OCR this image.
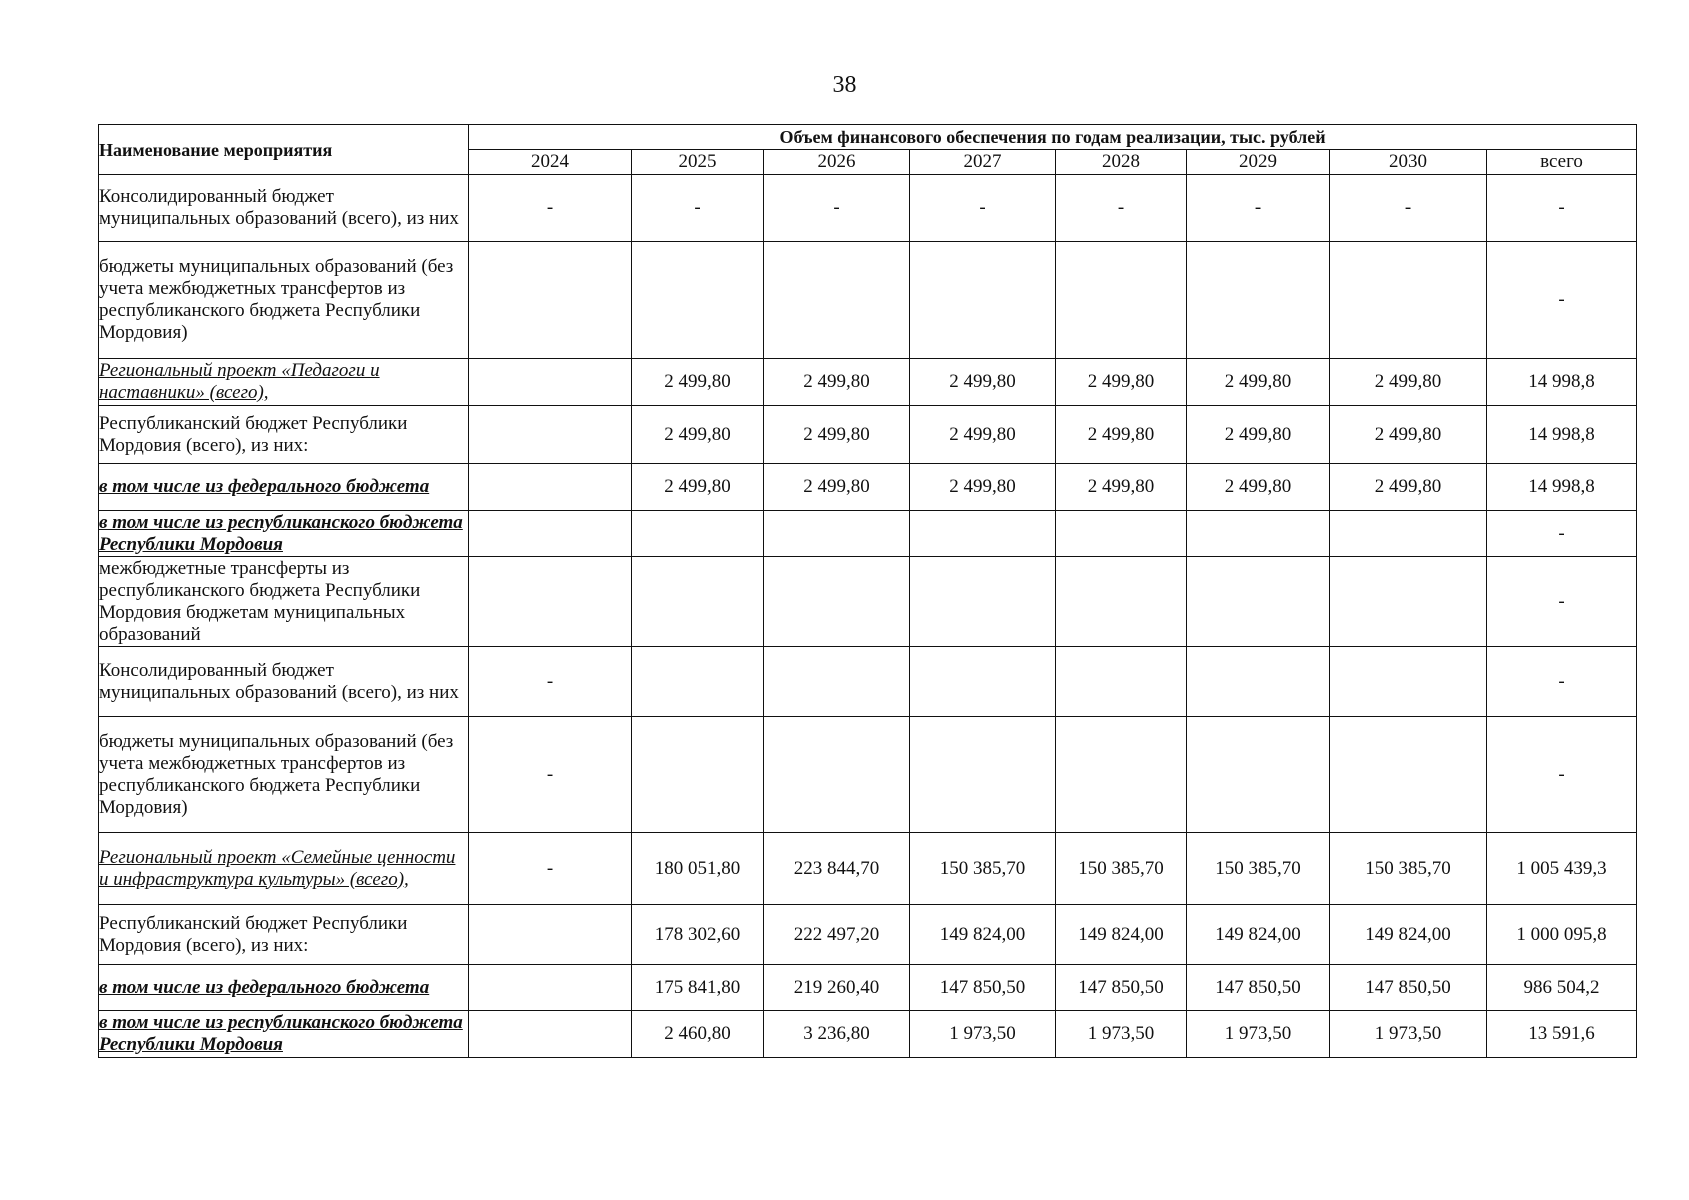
38
Наименование мероприятия	Объем финансового обеспечения по годам реализации, тыс. рублей							
	2024	2025	2026	2027	2028	2029	2030	всего
Консолидированный бюджет муниципальных образований (всего), из них	-	-	-	-	-	-	-	-
бюджеты муниципальных образований (без учета межбюджетных трансфертов из республиканского бюджета Республики Мордовия)								-
Региональный проект «Педагоги и наставники» (всего),		2 499,80	2 499,80	2 499,80	2 499,80	2 499,80	2 499,80	14 998,8
Республиканский бюджет Республики Мордовия (всего), из них:		2 499,80	2 499,80	2 499,80	2 499,80	2 499,80	2 499,80	14 998,8
в том числе из федерального бюджета		2 499,80	2 499,80	2 499,80	2 499,80	2 499,80	2 499,80	14 998,8
в том числе из республиканского бюджета Республики Мордовия								-
межбюджетные трансферты из республиканского бюджета Республики Мордовия бюджетам муниципальных образований								-
Консолидированный бюджет муниципальных образований (всего), из них	-							-
бюджеты муниципальных образований (без учета межбюджетных трансфертов из республиканского бюджета Республики Мордовия)	-							-
Региональный проект «Семейные ценности и инфраструктура культуры» (всего),	-	180 051,80	223 844,70	150 385,70	150 385,70	150 385,70	150 385,70	1 005 439,3
Республиканский бюджет Республики Мордовия (всего), из них:		178 302,60	222 497,20	149 824,00	149 824,00	149 824,00	149 824,00	1 000 095,8
в том числе из федерального бюджета		175 841,80	219 260,40	147 850,50	147 850,50	147 850,50	147 850,50	986 504,2
в том числе из республиканского бюджета Республики Мордовия		2 460,80	3 236,80	1 973,50	1 973,50	1 973,50	1 973,50	13 591,6
